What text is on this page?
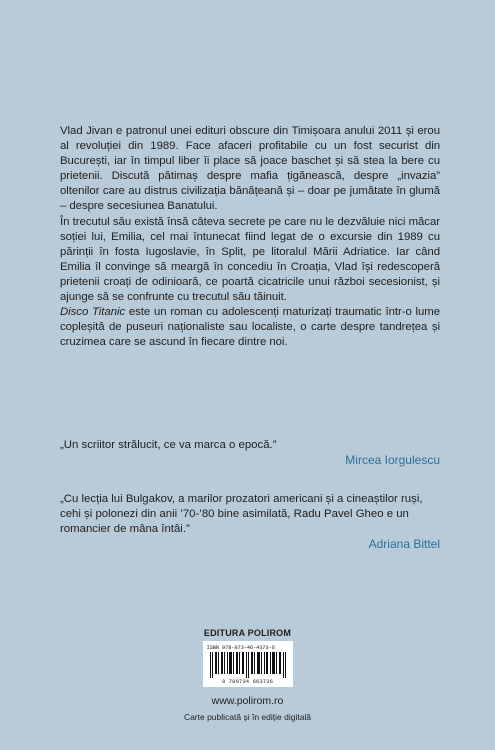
Vlad Jivan e patronul unei edituri obscure din Timișoara anului 2011 și erou al revoluției din 1989. Face afaceri profitabile cu un fost securist din București, iar în timpul liber îi place să joace baschet și să stea la bere cu prietenii. Discută pătimaș despre mafia țigănească, despre „invazia” oltenilor care au distrus civilizația bănățeană și – doar pe jumătate în glumă – despre secesiunea Banatului.

În trecutul său există însă câteva secrete pe care nu le dezvăluie nici măcar soției lui, Emilia, cel mai întunecat fiind legat de o excursie din 1989 cu părinții în fosta Iugoslavie, în Split, pe litoralul Mării Adriatice. Iar când Emilia îl convinge să meargă în concediu în Croația, Vlad își redescoperă prietenii croați de odinioară, ce poartă cicatricile unui război secesionist, și ajunge să se confrunte cu trecutul său tăinuit.

Disco Titanic este un roman cu adolescenți maturizați traumatic într-o lume copleșită de puseuri naționaliste sau localiste, o carte despre tandrețea și cruzimea care se ascund în fiecare dintre noi.

„Un scriitor strălucit, ce va marca o epocă.”

Mircea Iorgulescu

„Cu lecția lui Bulgakov, a marilor prozatori americani și a cineaștilor ruși, cehi și polonezi din anii ’70-’80 bine asimilată, Radu Pavel Gheo e un romancier de mâna întâi.”

Adriana Bittel

EDITURA POLIROM
ISBN 978-973-46-4373-6
9 789734 663736
www.polirom.ro
Carte publicată și în ediție digitală
